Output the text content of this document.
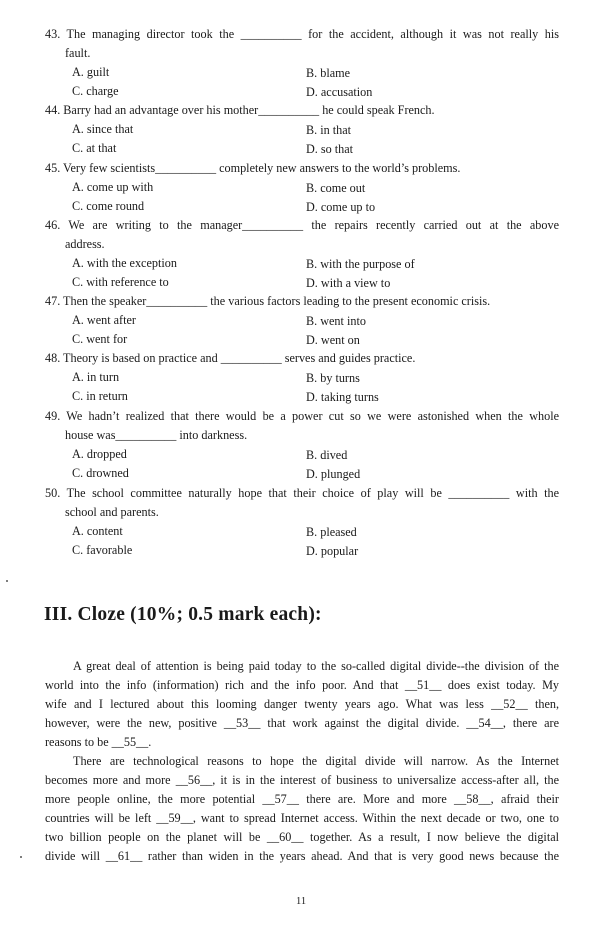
43. The managing director took the __________ for the accident, although it was not really his
fault.
A. guilt	B. blame
C. charge	D. accusation
44. Barry had an advantage over his mother__________ he could speak French.
A. since that	B. in that
C. at that	D. so that
45. Very few scientists__________ completely new answers to the world’s problems.
A. come up with	B. come out
C. come round	D. come up to
46. We are writing to the manager__________ the repairs recently carried out at the above
address.
A. with the exception	B. with the purpose of
C. with reference to	D. with a view to
47. Then the speaker__________ the various factors leading to the present economic crisis.
A. went after	B. went into
C. went for	D. went on
48. Theory is based on practice and __________ serves and guides practice.
A. in turn	B. by turns
C. in return	D. taking turns
49. We hadn’t realized that there would be a power cut so we were astonished when the whole
house was__________ into darkness.
A. dropped	B. dived
C. drowned	D. plunged
50. The school committee naturally hope that their choice of play will be __________ with the
school and parents.
A. content	B. pleased
C. favorable	D. popular
III. Cloze (10%; 0.5 mark each):
A great deal of attention is being paid today to the so-called digital divide--the division of the
world into the info (information) rich and the info poor. And that __51__ does exist today. My
wife and I lectured about this looming danger twenty years ago. What was less __52__ then,
however, were the new, positive __53__ that work against the digital divide. __54__, there are
reasons to be __55__.
There are technological reasons to hope the digital divide will narrow. As the Internet
becomes more and more __56__, it is in the interest of business to universalize access-after all, the
more people online, the more potential __57__ there are. More and more __58__, afraid their
countries will be left __59__, want to spread Internet access. Within the next decade or two, one to
two billion people on the planet will be __60__ together. As a result, I now believe the digital
divide will __61__ rather than widen in the years ahead. And that is very good news because the
11
